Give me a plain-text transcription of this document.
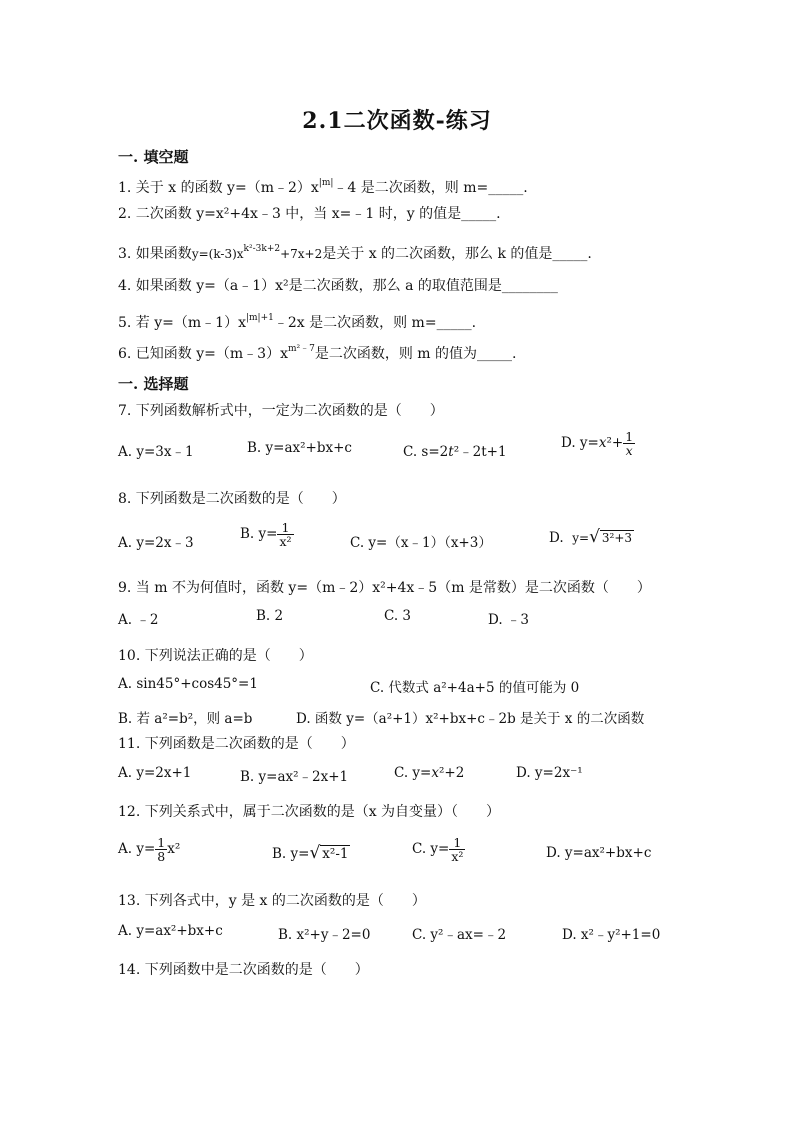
2.1二次函数-练习
一. 填空题
1. 关于 x 的函数 $y=(m﹣2)x^{|m|}﹣4$ 是二次函数，则 m=_____.
2. 二次函数 y=x²+4x﹣3 中，当 x=﹣1 时，y 的值是_____.
3. 如果函数$y=(k-3)x^{k^2-3k+2}+7x+2$是关于 x 的二次函数，那么 k 的值是_____.
4. 如果函数 y=（a﹣1）x²是二次函数，那么 a 的取值范围是________
5. 若 $y=(m﹣1)x^{|m|+1}﹣2x$ 是二次函数，则 m=_____.
6. 已知函数 $y=(m﹣3)x^{m^2﹣7}$是二次函数，则 m 的值为_____.
一. 选择题
7. 下列函数解析式中，一定为二次函数的是（　　）
A. y=3x﹣1	B. y=ax²+bx+c	C. s=2t²﹣2t+1
D. $y=x^2+ \frac{1}{x}$
8. 下列函数是二次函数的是（　　）
A. y=2x﹣3
B. $y= \frac{1}{\text{x²}}$	C. y=（x﹣1）（x+3）	D. y=√ 3²+3
9. 当 m 不为何值时，函数 y=（m﹣2）x²+4x﹣5（m 是常数）是二次函数（　　）
A. ﹣2	B. 2	C. 3	D. ﹣3
10. 下列说法正确的是（　　）
A. sin45°+cos45°=1	C. 代数式 a²+4a+5 的值可能为 0
B. 若 a²=b²，则 a=b	D. 函数 y=（a²+1）x²+bx+c﹣2b 是关于 x 的二次函数
11. 下列函数是二次函数的是（　　）
A. y=2x+1	B. y=ax²﹣2x+1	C. y=x²+2	D. y=2x⁻¹
12. 下列关系式中，属于二次函数的是（x 为自变量）（　　）
A. $y= \frac{1}{8} x^2$	B. y=√ x²-1	C. $y= \frac{1}{\text{x²}}$	D. y=ax²+bx+c
13. 下列各式中，y 是 x 的二次函数的是（　　）
A. y=ax²+bx+c	B. x²+y﹣2=0	C. y²﹣ax=﹣2	D. x²﹣y²+1=0
14. 下列函数中是二次函数的是（　　）
